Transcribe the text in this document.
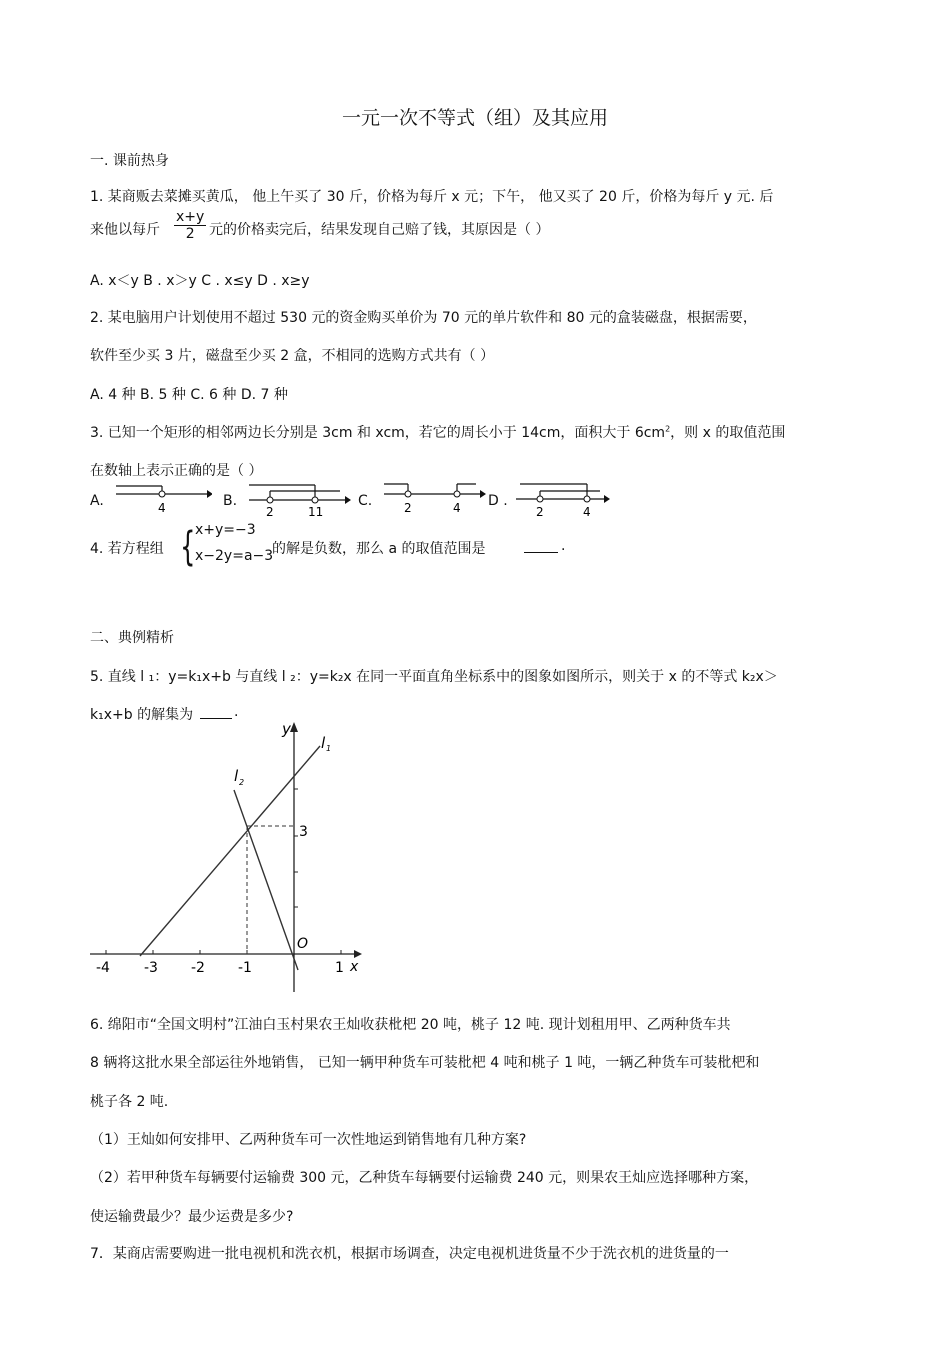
一元一次不等式（组）及其应用
一. 课前热身
1. 某商贩去菜摊买黄瓜， 他上午买了 30 斤，价格为每斤 x 元；下午， 他又买了 20 斤，价格为每斤 y 元. 后
来他以每斤 $\frac{x+y}{2}$ 元的价格卖完后，结果发现自己赔了钱，其原因是（ ）
A. x＜y B . x＞y C . x≤y D . x≥y
2. 某电脑用户计划使用不超过 530 元的资金购买单价为 70 元的单片软件和 80 元的盒装磁盘，根据需要，
软件至少买 3 片，磁盘至少买 2 盒，不相同的选购方式共有（ ）
A. 4 种 B. 5 种 C. 6 种 D. 7 种
3. 已知一个矩形的相邻两边长分别是 3cm 和 xcm，若它的周长小于 14cm，面积大于 $6cm^2$，则 x 的取值范围
在数轴上表示正确的是（ ）
A.	4	B.
2	11
C.	2	4 D .
2	4
4. 若方程组 { x+y=−3
x−2y=a−3
的解是负数，那么 a 的取值范围是	.
二、典例精析
5. 直线 l ₁：y=k₁x+b 与直线 l ₂：y=k₂x 在同一平面直角坐标系中的图象如图所示，则关于 x 的不等式 k₂x＞
k₁x+b 的解集为	.
-4 -3 -2 -1	1 x
y
3
O
l 1
l 2
6. 绵阳市“全国文明村”江油白玉村果农王灿收获枇杷 20 吨，桃子 12 吨. 现计划租用甲、乙两种货车共
8 辆将这批水果全部运往外地销售， 已知一辆甲种货车可装枇杷 4 吨和桃子 1 吨，一辆乙种货车可装枇杷和
桃子各 2 吨.
（1）王灿如何安排甲、乙两种货车可一次性地运到销售地有几种方案?
（2）若甲种货车每辆要付运输费 300 元，乙种货车每辆要付运输费 240 元，则果农王灿应选择哪种方案，
使运输费最少？最少运费是多少?
7．某商店需要购进一批电视机和洗衣机，根据市场调查，决定电视机进货量不少于洗衣机的进货量的一
